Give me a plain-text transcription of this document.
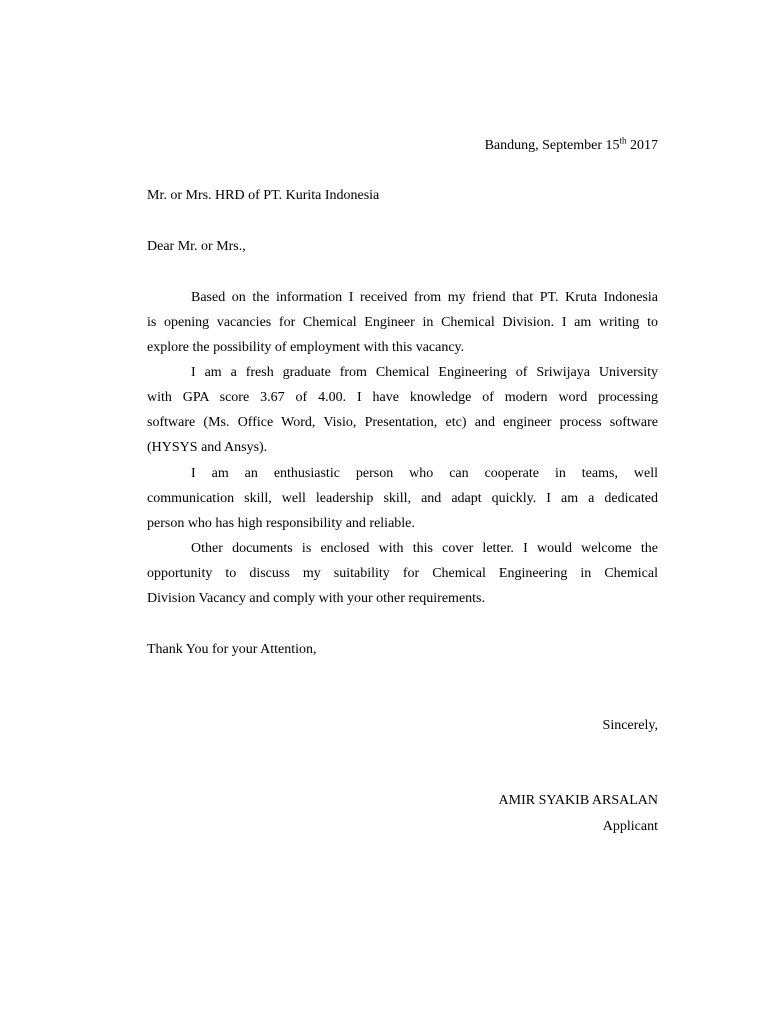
Bandung, September 15th 2017
Mr. or Mrs. HRD of PT. Kurita Indonesia
Dear Mr. or Mrs.,
Based on the information I received from my friend that PT. Kruta Indonesia
is opening vacancies for Chemical Engineer in Chemical Division. I am writing to
explore the possibility of employment with this vacancy.
I am a fresh graduate from Chemical Engineering of Sriwijaya University
with GPA score 3.67 of 4.00. I have knowledge of modern word processing
software (Ms. Office Word, Visio, Presentation, etc) and engineer process software
(HYSYS and Ansys).
I am an enthusiastic person who can cooperate in teams, well
communication skill, well leadership skill, and adapt quickly. I am a dedicated
person who has high responsibility and reliable.
Other documents is enclosed with this cover letter. I would welcome the
opportunity to discuss my suitability for Chemical Engineering in Chemical
Division Vacancy and comply with your other requirements.
Thank You for your Attention,
Sincerely,
AMIR SYAKIB ARSALAN
Applicant
